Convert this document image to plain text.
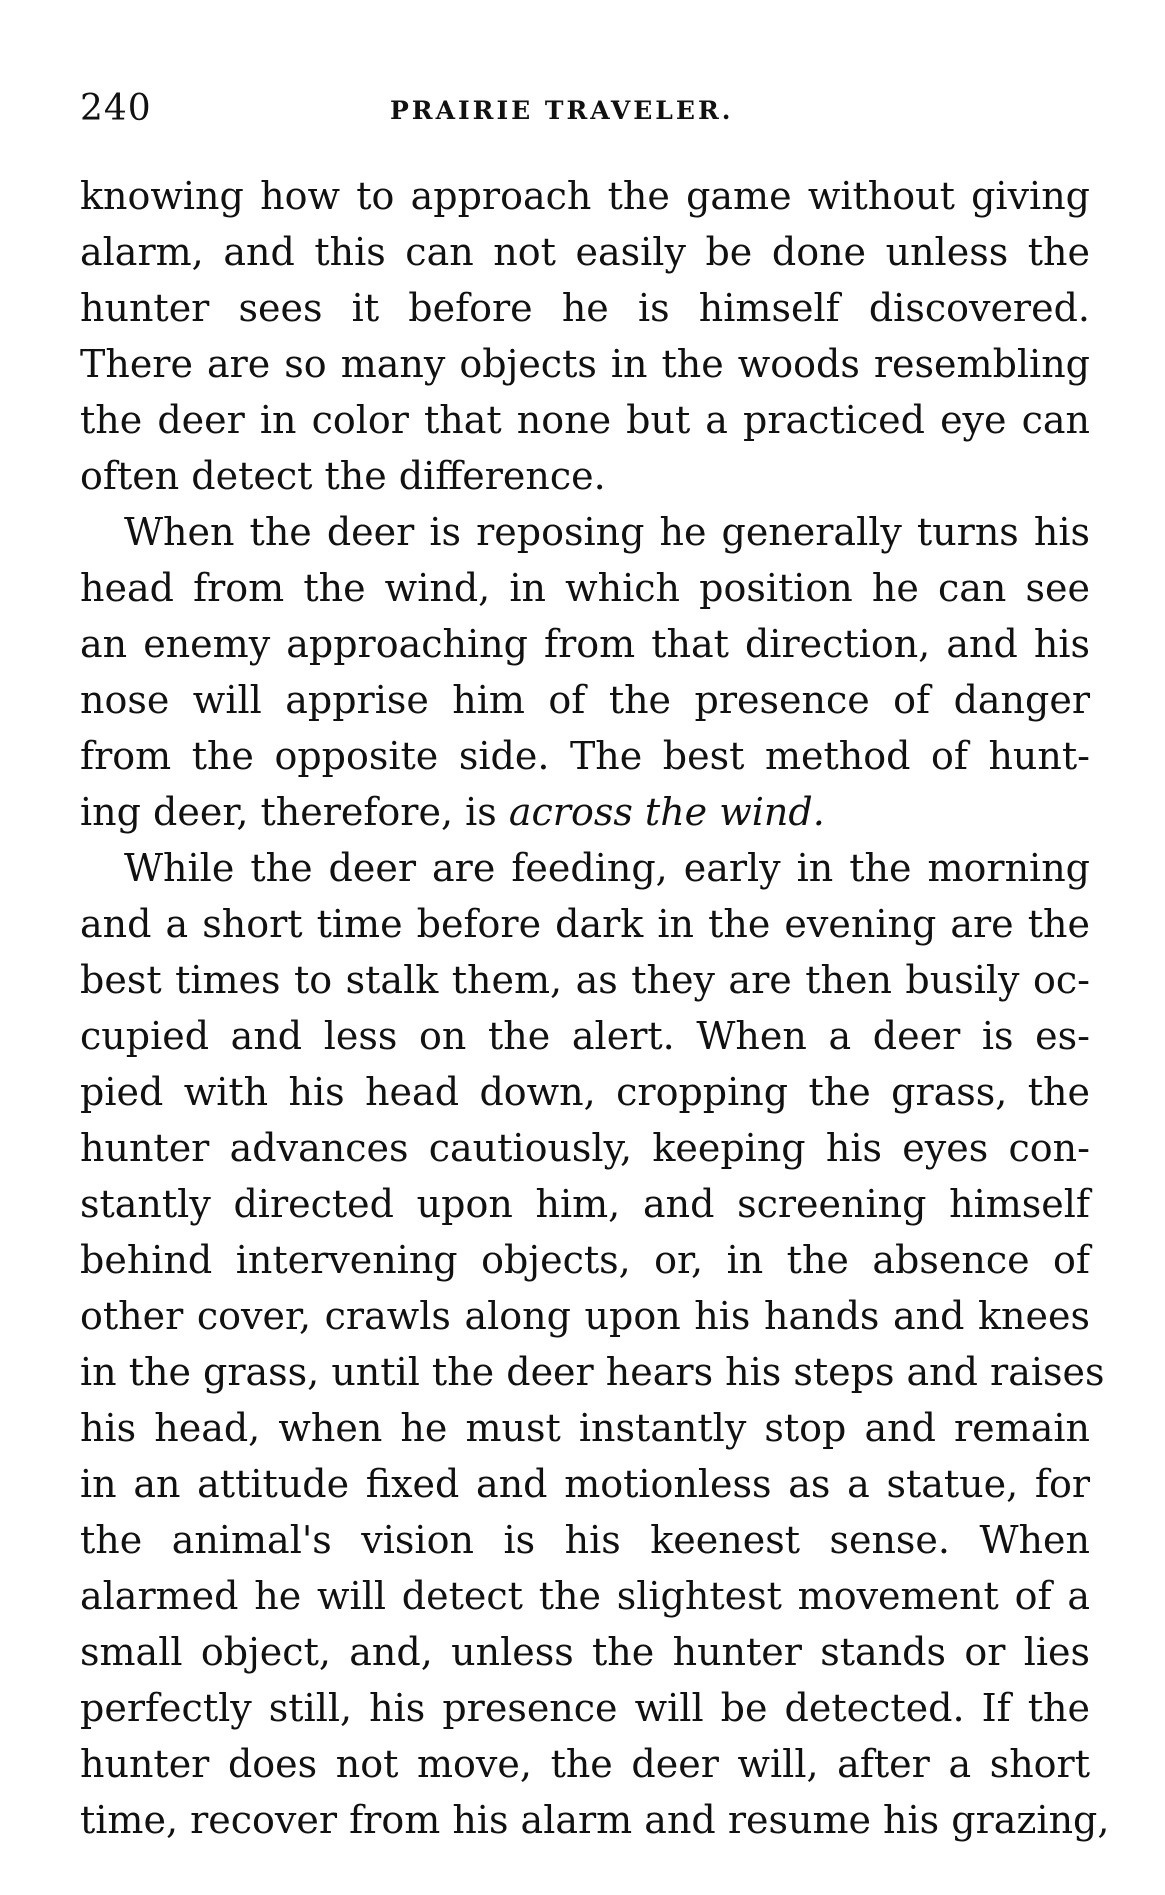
240	PRAIRIE TRAVELER.
knowing how to approach the game without giving
alarm, and this can not easily be done unless the
hunter sees it before he is himself discovered.
There are so many objects in the woods resembling
the deer in color that none but a practiced eye can
often detect the difference.
When the deer is reposing he generally turns his
head from the wind, in which position he can see
an enemy approaching from that direction, and his
nose will apprise him of the presence of danger
from the opposite side. The best method of hunt-
ing deer, therefore, is across the wind.
While the deer are feeding, early in the morning
and a short time before dark in the evening are the
best times to stalk them, as they are then busily oc-
cupied and less on the alert. When a deer is es-
pied with his head down, cropping the grass, the
hunter advances cautiously, keeping his eyes con-
stantly directed upon him, and screening himself
behind intervening objects, or, in the absence of
other cover, crawls along upon his hands and knees
in the grass, until the deer hears his steps and raises
his head, when he must instantly stop and remain
in an attitude fixed and motionless as a statue, for
the animal's vision is his keenest sense. When
alarmed he will detect the slightest movement of a
small object, and, unless the hunter stands or lies
perfectly still, his presence will be detected. If the
hunter does not move, the deer will, after a short
time, recover from his alarm and resume his grazing,
